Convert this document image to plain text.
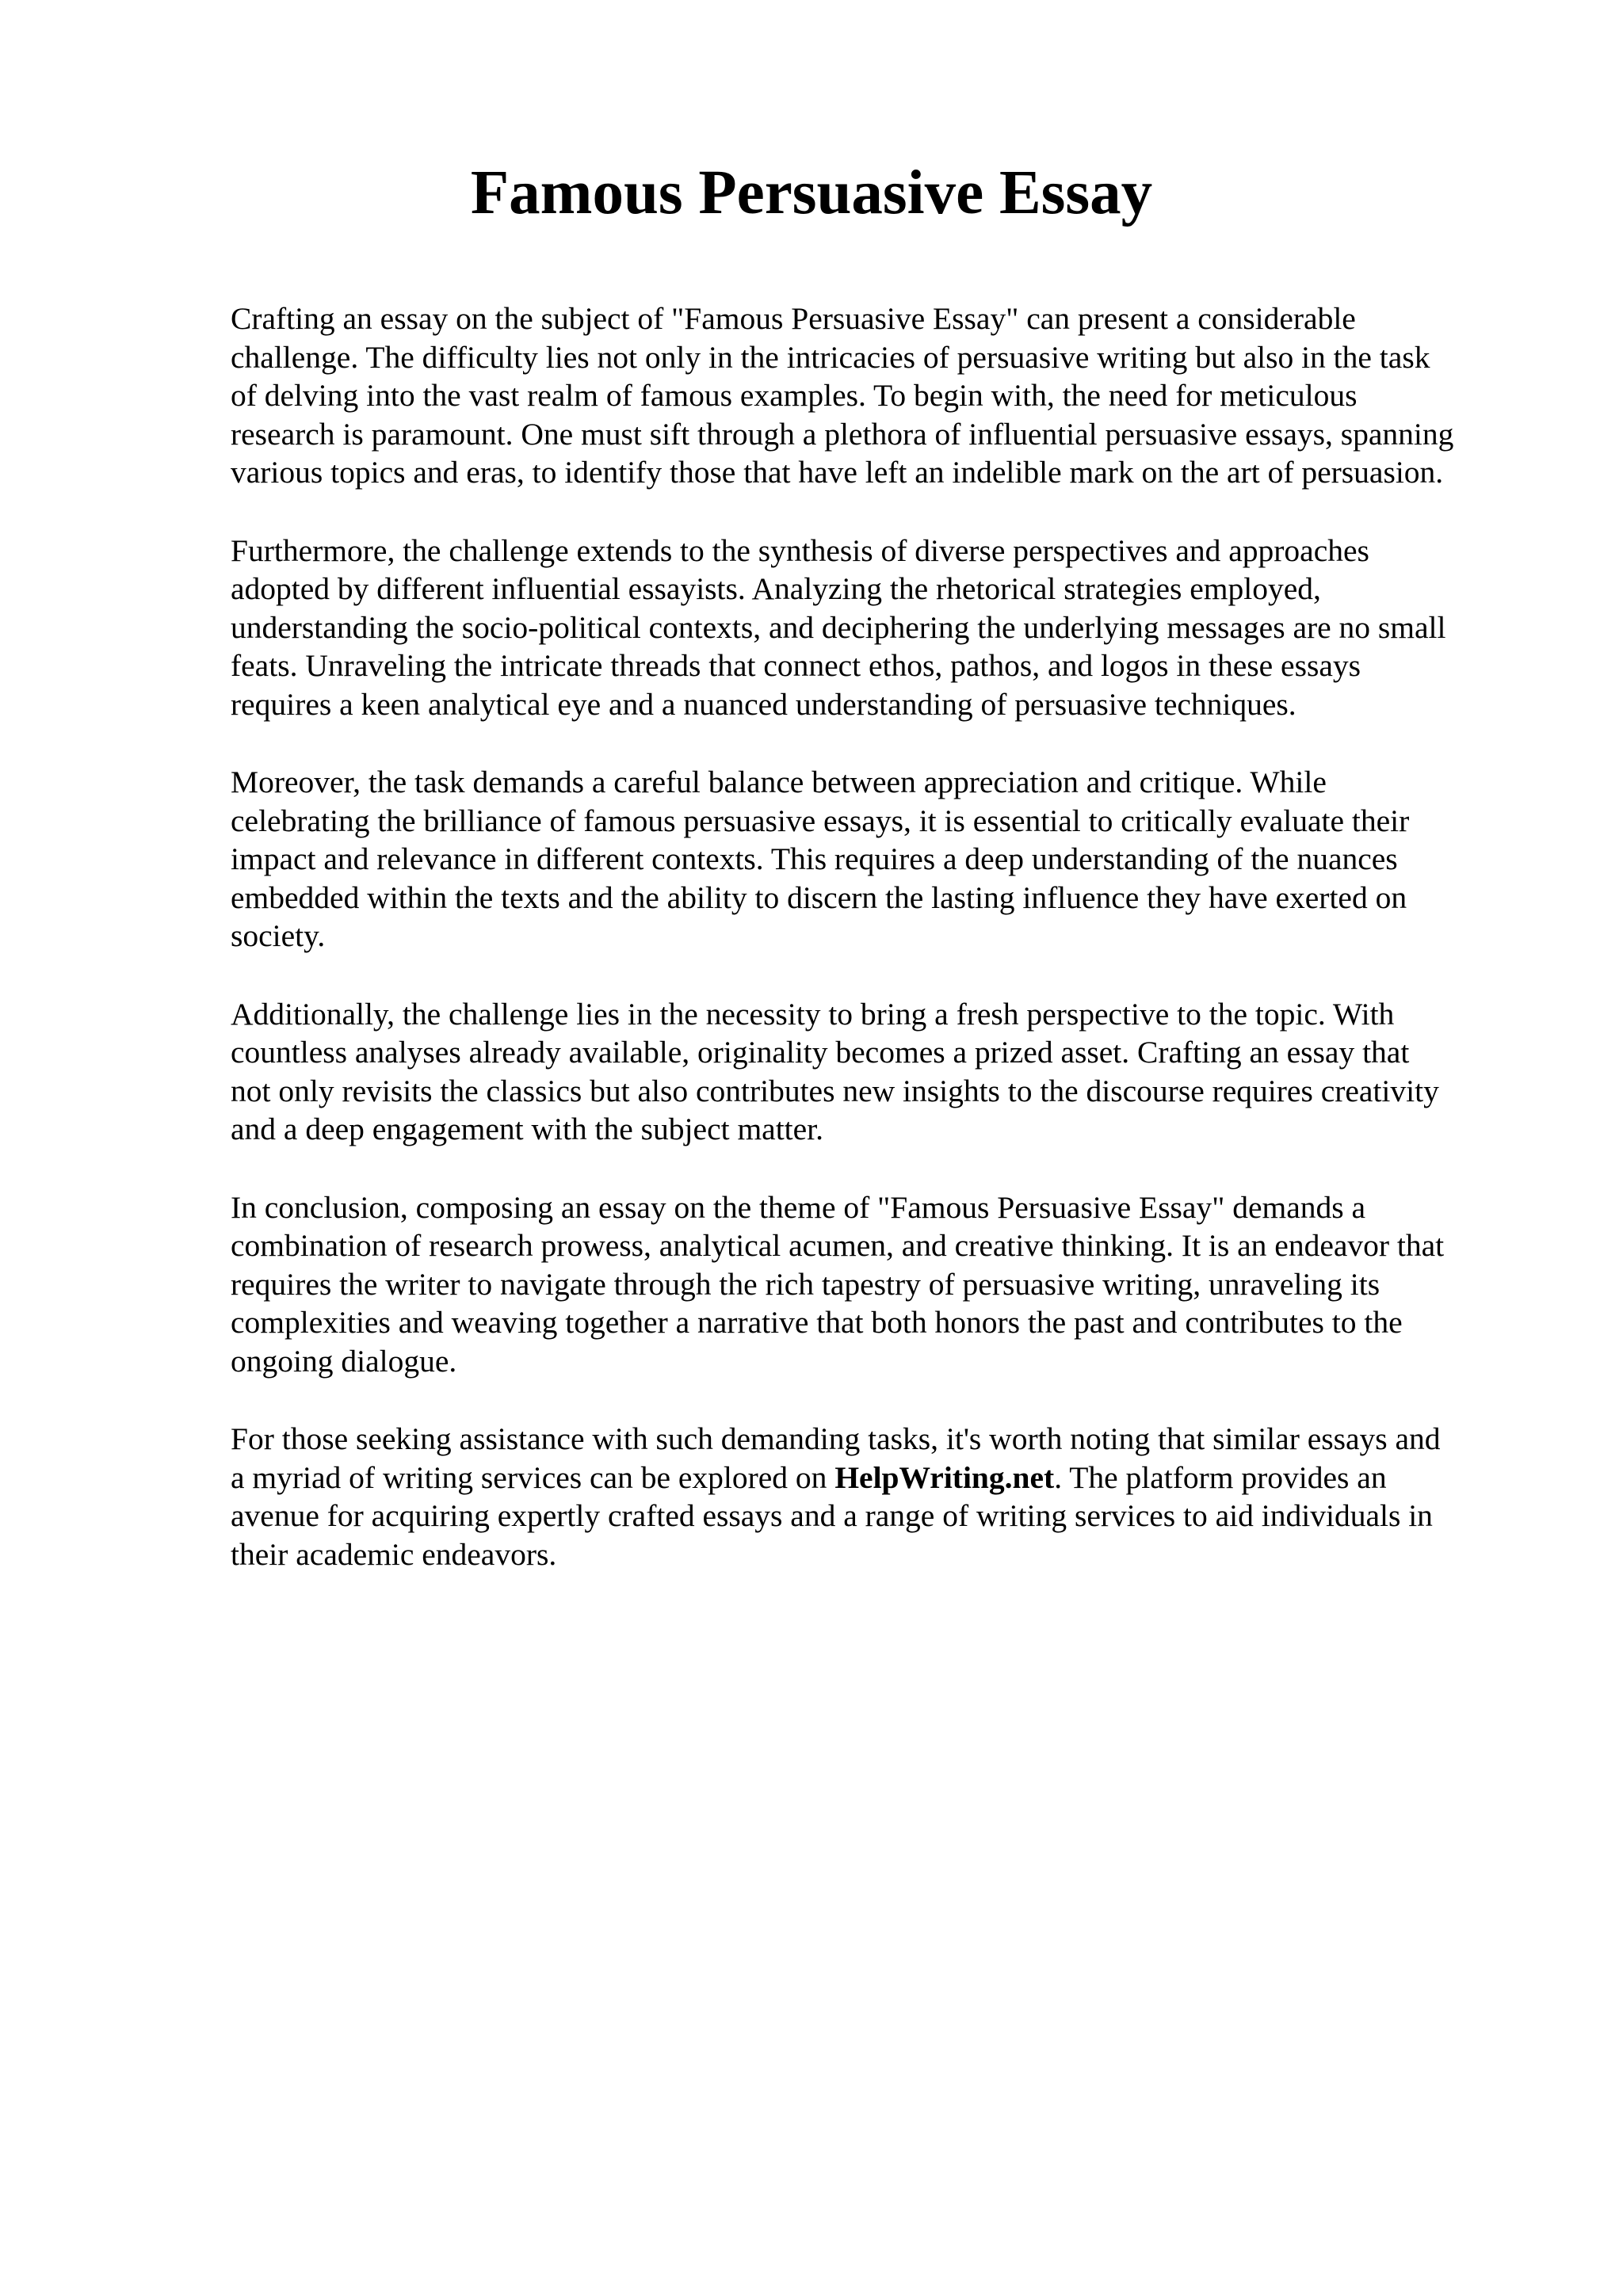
Famous Persuasive Essay

Crafting an essay on the subject of "Famous Persuasive Essay" can present a considerable
challenge. The difficulty lies not only in the intricacies of persuasive writing but also in the task
of delving into the vast realm of famous examples. To begin with, the need for meticulous
research is paramount. One must sift through a plethora of influential persuasive essays, spanning
various topics and eras, to identify those that have left an indelible mark on the art of persuasion.

Furthermore, the challenge extends to the synthesis of diverse perspectives and approaches
adopted by different influential essayists. Analyzing the rhetorical strategies employed,
understanding the socio-political contexts, and deciphering the underlying messages are no small
feats. Unraveling the intricate threads that connect ethos, pathos, and logos in these essays
requires a keen analytical eye and a nuanced understanding of persuasive techniques.

Moreover, the task demands a careful balance between appreciation and critique. While
celebrating the brilliance of famous persuasive essays, it is essential to critically evaluate their
impact and relevance in different contexts. This requires a deep understanding of the nuances
embedded within the texts and the ability to discern the lasting influence they have exerted on
society.

Additionally, the challenge lies in the necessity to bring a fresh perspective to the topic. With
countless analyses already available, originality becomes a prized asset. Crafting an essay that
not only revisits the classics but also contributes new insights to the discourse requires creativity
and a deep engagement with the subject matter.

In conclusion, composing an essay on the theme of "Famous Persuasive Essay" demands a
combination of research prowess, analytical acumen, and creative thinking. It is an endeavor that
requires the writer to navigate through the rich tapestry of persuasive writing, unraveling its
complexities and weaving together a narrative that both honors the past and contributes to the
ongoing dialogue.

For those seeking assistance with such demanding tasks, it's worth noting that similar essays and
a myriad of writing services can be explored on HelpWriting.net. The platform provides an
avenue for acquiring expertly crafted essays and a range of writing services to aid individuals in
their academic endeavors.
